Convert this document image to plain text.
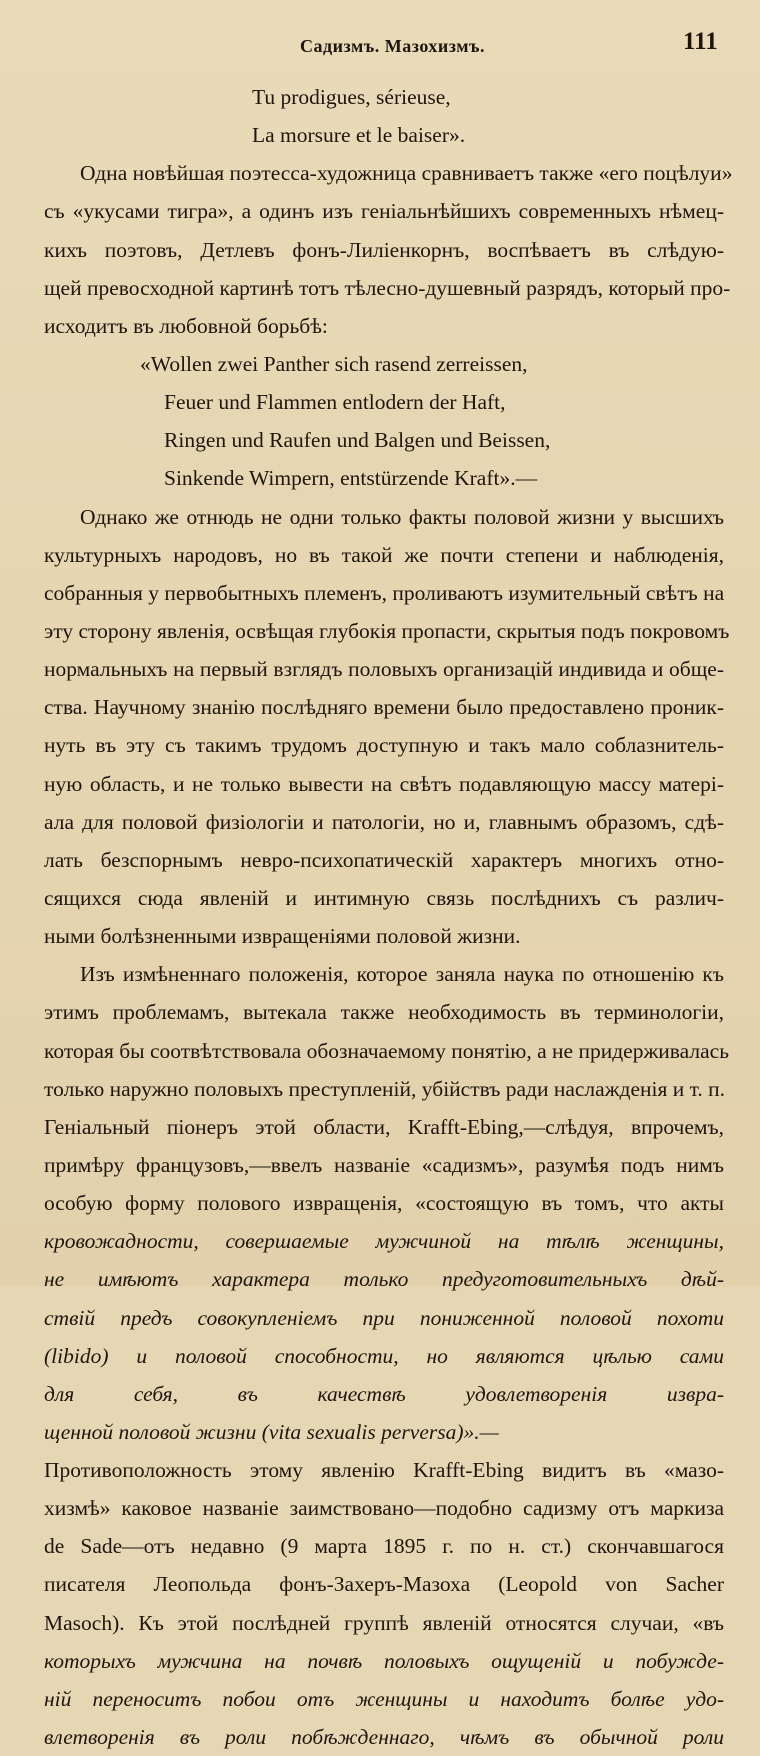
Садизмъ. Мазохизмъ.	111
Tu prodigues, sérieuse,
La morsure et le baiser».
Одна новѣйшая поэтесса-художница сравниваетъ также «его поцѣлуи»
съ «укусами тигра», а одинъ изъ геніальнѣйшихъ современныхъ нѣмец-
кихъ поэтовъ, Детлевъ фонъ-Лиліенкорнъ, воспѣваетъ въ слѣдую-
щей превосходной картинѣ тотъ тѣлесно-душевный разрядъ, который про-
исходитъ въ любовной борьбѣ:
«Wollen zwei Panther sich rasend zerreissen,
Feuer und Flammen entlodern der Haft,
Ringen und Raufen und Balgen und Beissen,
Sinkende Wimpern, entstürzende Kraft».—
Однако же отнюдь не одни только факты половой жизни у высшихъ
культурныхъ народовъ, но въ такой же почти степени и наблюденія,
собранныя у первобытныхъ племенъ, проливаютъ изумительный свѣтъ на
эту сторону явленія, освѣщая глубокія пропасти, скрытыя подъ покровомъ
нормальныхъ на первый взглядъ половыхъ организацій индивида и обще-
ства. Научному знанію послѣдняго времени было предоставлено проник-
нуть въ эту съ такимъ трудомъ доступную и такъ мало соблазнитель-
ную область, и не только вывести на свѣтъ подавляющую массу матері-
ала для половой физіологіи и патологіи, но и, главнымъ образомъ, сдѣ-
лать безспорнымъ невро-психопатическій характеръ многихъ отно-
сящихся сюда явленій и интимную связь послѣднихъ съ различ-
ными болѣзненными извращеніями половой жизни.
Изъ измѣненнаго положенія, которое заняла наука по отношенію къ
этимъ проблемамъ, вытекала также необходимость въ терминологіи,
которая бы соотвѣтствовала обозначаемому понятію, а не придерживалась
только наружно половыхъ преступленій, убійствъ ради наслажденія и т. п.
Геніальный піонеръ этой области, Krafft-Ebing,—слѣдуя, впрочемъ,
примѣру французовъ,—ввелъ названіе «садизмъ», разумѣя подъ нимъ
особую форму полового извращенія, «состоящую въ томъ, что акты
кровожадности, совершаемые мужчиной на тѣлѣ женщины,
не имѣютъ характера только предуготовительныхъ дѣй-
ствій предъ совокупленіемъ при пониженной половой похоти
(libido) и половой способности, но являются цѣлью сами
для себя, въ качествѣ удовлетворенія извра-
щенной половой жизни (vita sexualis perversa)».—
Противоположность этому явленію Krafft-Ebing видитъ въ «мазо-
хизмѣ» каковое названіе заимствовано—подобно садизму отъ маркиза
de Sade—отъ недавно (9 марта 1895 г. по н. ст.) скончавшагося
писателя Леопольда фонъ-Захеръ-Мазоха (Leopold von Sacher
Masoch). Къ этой послѣдней группѣ явленій относятся случаи, «въ
которыхъ мужчина на почвѣ половыхъ ощущеній и побужде-
ній переноситъ побои отъ женщины и находитъ болѣе удо-
влетворенія въ роли побѣжденнаго, чѣмъ въ обычной роли
